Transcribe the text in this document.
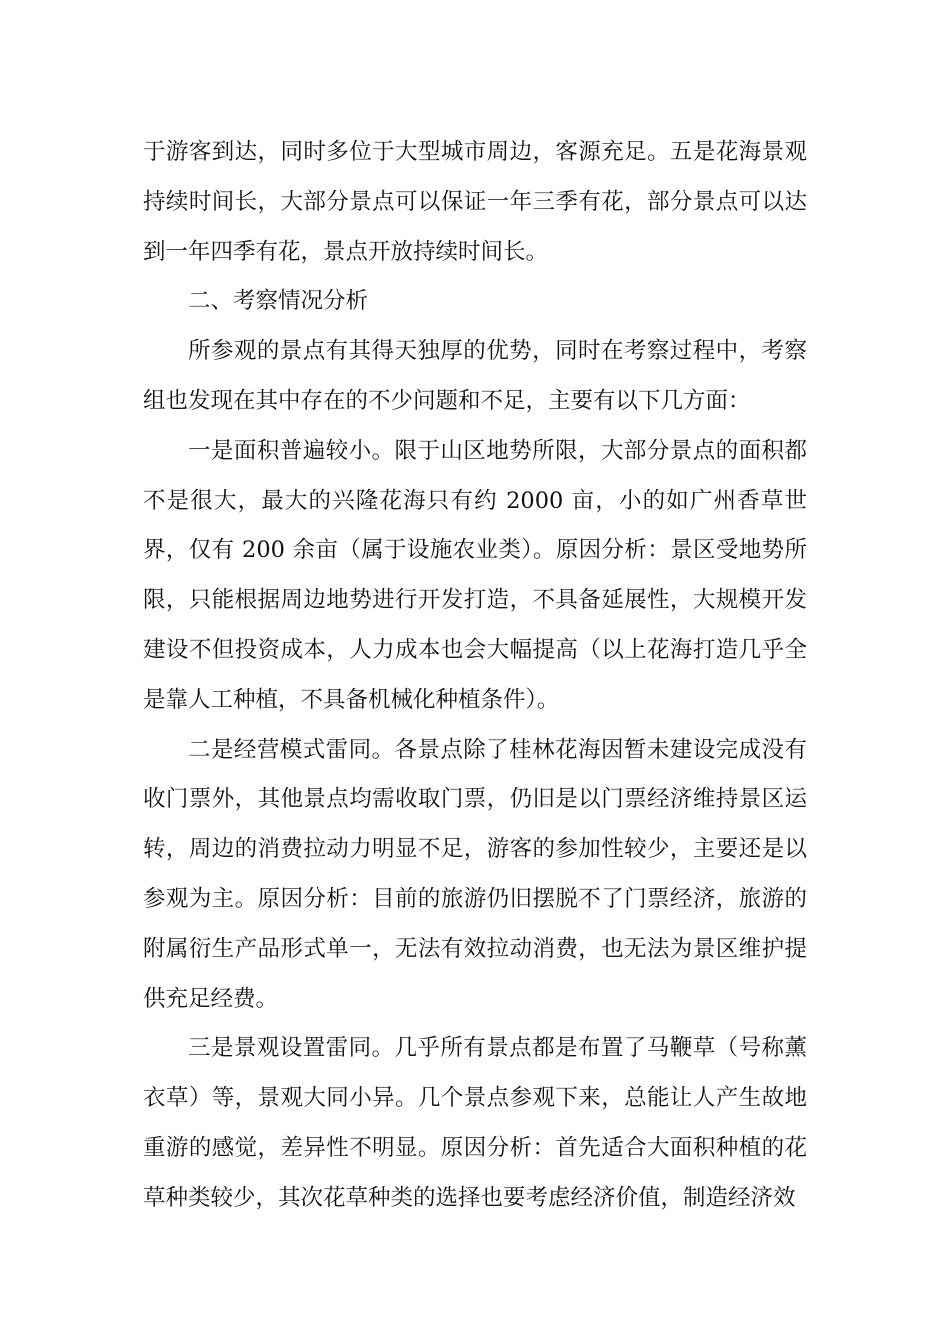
于游客到达，同时多位于大型城市周边，客源充足。五是花海景观持续时间长，大部分景点可以保证一年三季有花，部分景点可以达到一年四季有花，景点开放持续时间长。

二、考察情况分析

所参观的景点有其得天独厚的优势，同时在考察过程中，考察组也发现在其中存在的不少问题和不足，主要有以下几方面：

一是面积普遍较小。限于山区地势所限，大部分景点的面积都不是很大，最大的兴隆花海只有约 2000 亩，小的如广州香草世界，仅有 200 余亩（属于设施农业类）。原因分析：景区受地势所限，只能根据周边地势进行开发打造，不具备延展性，大规模开发建设不但投资成本，人力成本也会大幅提高（以上花海打造几乎全是靠人工种植，不具备机械化种植条件）。

二是经营模式雷同。各景点除了桂林花海因暂未建设完成没有收门票外，其他景点均需收取门票，仍旧是以门票经济维持景区运转，周边的消费拉动力明显不足，游客的参加性较少，主要还是以参观为主。原因分析：目前的旅游仍旧摆脱不了门票经济，旅游的附属衍生产品形式单一，无法有效拉动消费，也无法为景区维护提供充足经费。

三是景观设置雷同。几乎所有景点都是布置了马鞭草（号称薰衣草）等，景观大同小异。几个景点参观下来，总能让人产生故地重游的感觉，差异性不明显。原因分析：首先适合大面积种植的花草种类较少，其次花草种类的选择也要考虑经济价值，制造经济效
